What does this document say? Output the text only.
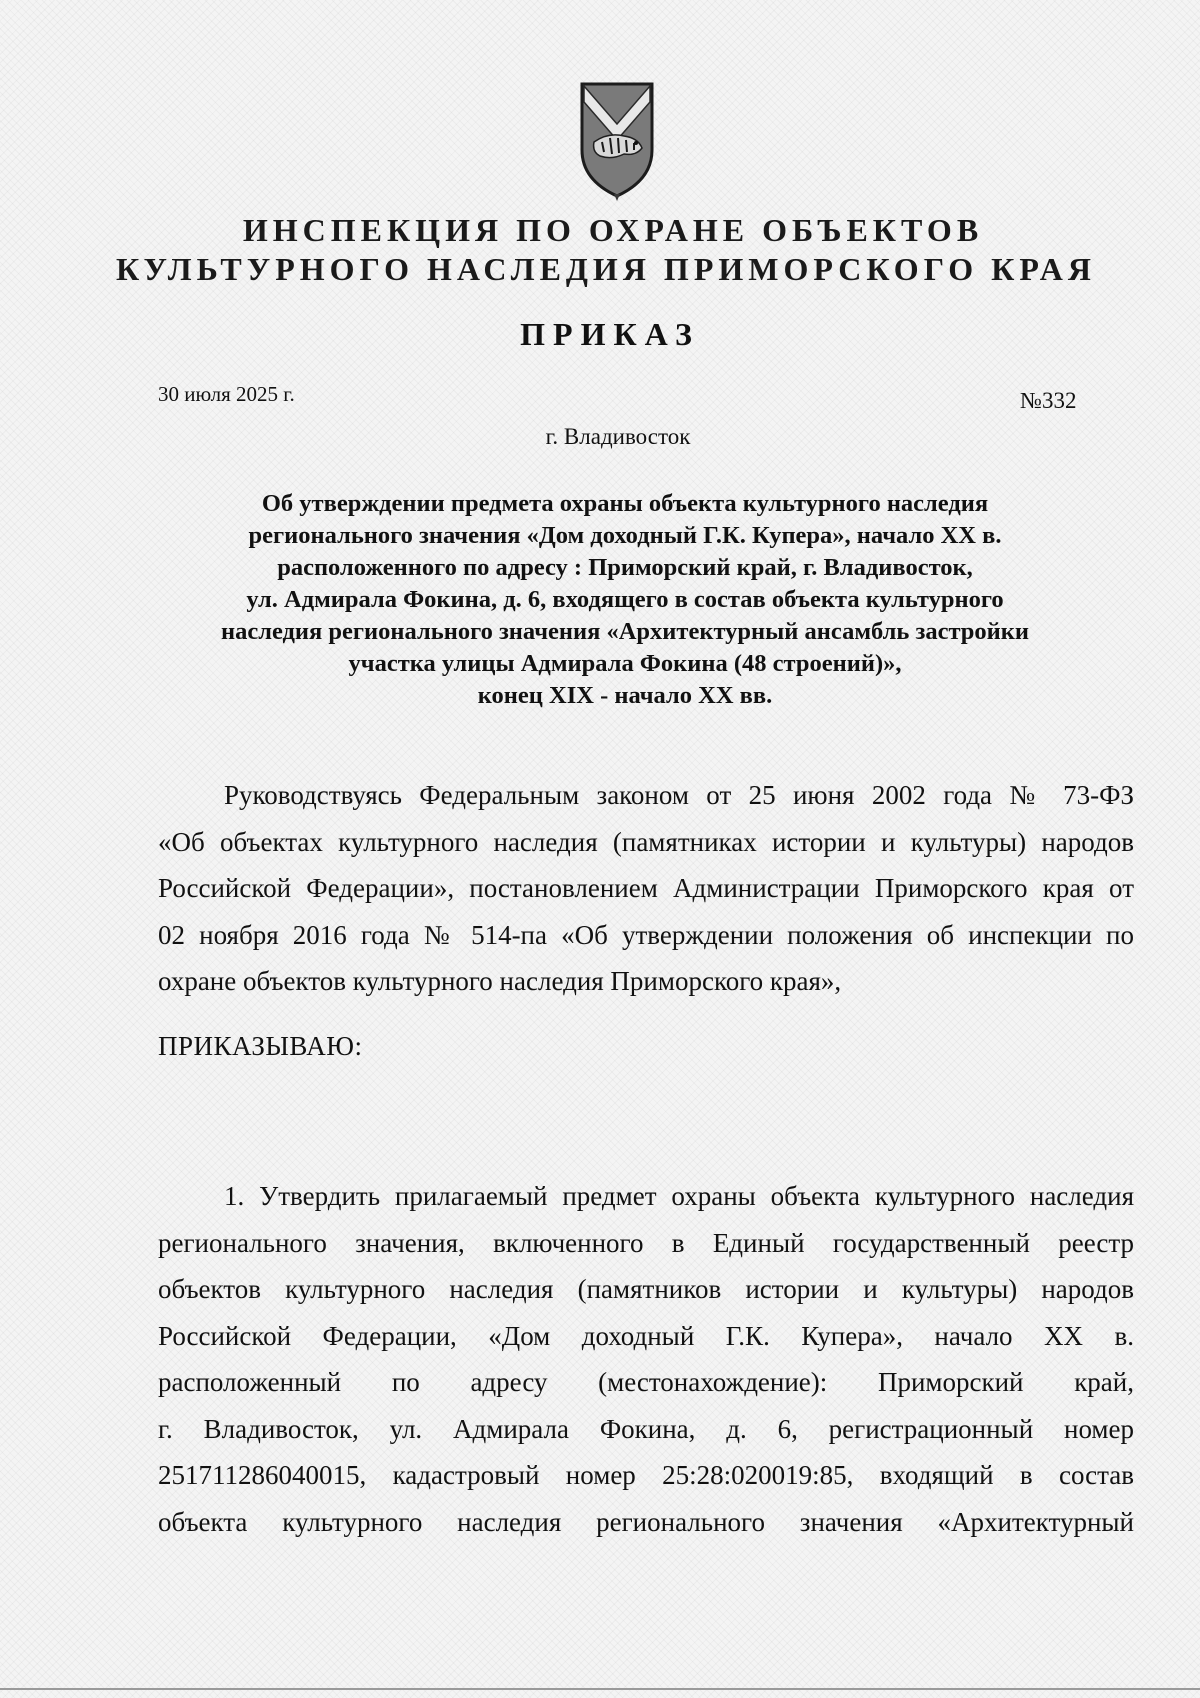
ИНСПЕКЦИЯ ПО ОХРАНЕ ОБЪЕКТОВ
КУЛЬТУРНОГО НАСЛЕДИЯ ПРИМОРСКОГО КРАЯ
ПРИКАЗ
30 июля 2025 г.	№332
г. Владивосток
Об утверждении предмета охраны объекта культурного наследия
регионального значения «Дом доходный Г.К. Купера», начало XX в.
расположенного по адресу : Приморский край, г. Владивосток,
ул. Адмирала Фокина, д. 6, входящего в состав объекта культурного
наследия регионального значения «Архитектурный ансамбль застройки
участка улицы Адмирала Фокина (48 строений)»,
конец XIX - начало XX вв.
Руководствуясь Федеральным законом от 25 июня 2002 года № 73-ФЗ
«Об объектах культурного наследия (памятниках истории и культуры) народов
Российской Федерации», постановлением Администрации Приморского края от
02 ноября 2016 года № 514-па «Об утверждении положения об инспекции по
охране объектов культурного наследия Приморского края»,
ПРИКАЗЫВАЮ:
1. Утвердить прилагаемый предмет охраны объекта культурного наследия
регионального значения, включенного в Единый государственный реестр
объектов культурного наследия (памятников истории и культуры) народов
Российской Федерации, «Дом доходный Г.К. Купера», начало XX в.
расположенный по адресу (местонахождение): Приморский край,
г. Владивосток, ул. Адмирала Фокина, д. 6, регистрационный номер
251711286040015, кадастровый номер 25:28:020019:85, входящий в состав
объекта культурного наследия регионального значения «Архитектурный
